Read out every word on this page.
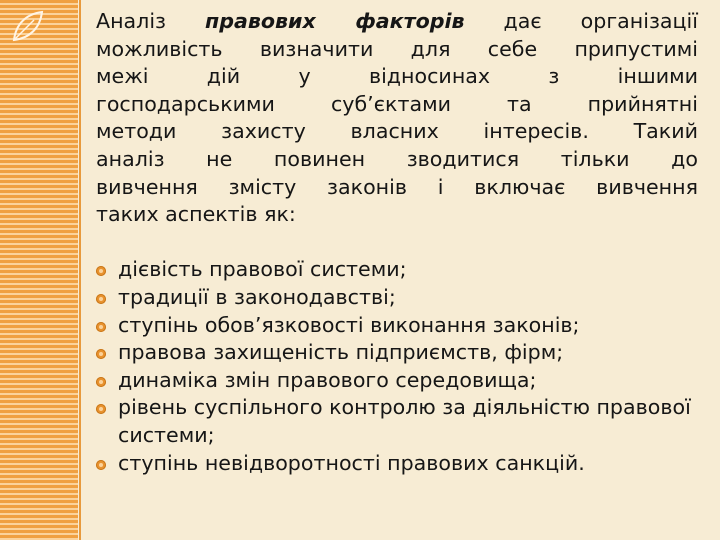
Аналіз правових факторів дає організації
можливість визначити для себе припустимі
межі дій у відносинах з іншими
господарськими суб’єктами та прийнятні
методи захисту власних інтересів. Такий
аналіз не повинен зводитися тільки до
вивчення змісту законів і включає вивчення
таких аспектів як:

дієвість правової системи;
традиції в законодавстві;
ступінь обов’язковості виконання законів;
правова захищеність підприємств, фірм;
динаміка змін правового середовища;
рівень суспільного контролю за діяльністю правової системи;
ступінь невідворотності правових санкцій.
